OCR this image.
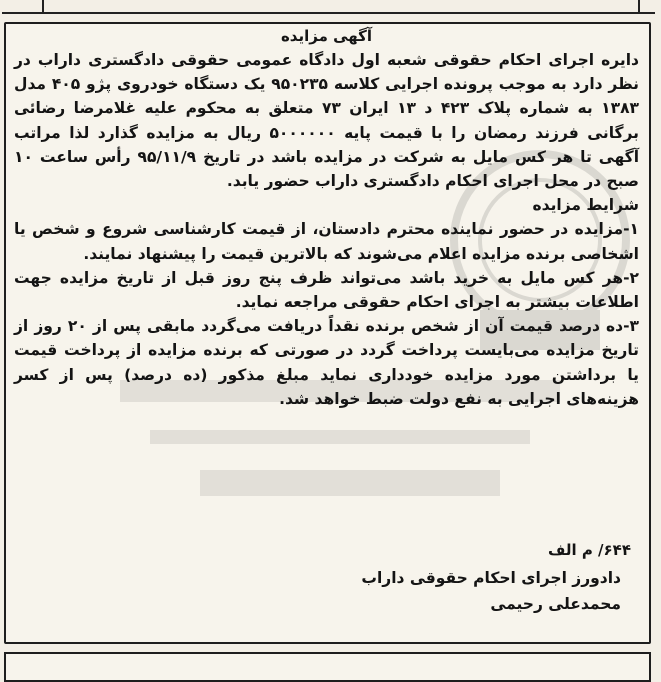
آگهی مزایده

دایره اجرای احکام حقوقی شعبه اول دادگاه عمومی حقوقی دادگستری داراب در نظر دارد به موجب پرونده اجرایی کلاسه ۹۵۰۲۳۵ یک دستگاه خودروی پژو ۴۰۵ مدل ۱۳۸۳ به شماره پلاک ۴۲۳ د ۱۳ ایران ۷۳ متعلق به محکوم علیه غلامرضا رضائی برگانی فرزند رمضان را با قیمت پایه ۵۰۰۰۰۰۰ ریال به مزایده گذارد لذا مراتب آگهی تا هر کس مایل به شرکت در مزایده باشد در تاریخ ۹۵/۱۱/۹ رأس ساعت ۱۰ صبح در محل اجرای احکام دادگستری داراب حضور یابد.

شرایط مزایده

۱-مزایده در حضور نماینده محترم دادستان، از قیمت کارشناسی شروع و شخص یا اشخاصی برنده مزایده اعلام می‌شوند که بالاترین قیمت را پیشنهاد نمایند.

۲-هر کس مایل به خرید باشد می‌تواند ظرف پنج روز قبل از تاریخ مزایده جهت اطلاعات بیشتر به اجرای احکام حقوقی مراجعه نماید.

۳-ده درصد قیمت آن از شخص برنده نقداً دریافت می‌گردد مابقی پس از ۲۰ روز از تاریخ مزایده می‌بایست پرداخت گردد در صورتی که برنده مزایده از پرداخت قیمت یا برداشتن مورد مزایده خودداری نماید مبلغ مذکور (ده درصد) پس از کسر هزینه‌های اجرایی به نفع دولت ضبط خواهد شد.

۶۴۴/ م الف
دادورز اجرای احکام حقوقی داراب
محمدعلی رحیمی
